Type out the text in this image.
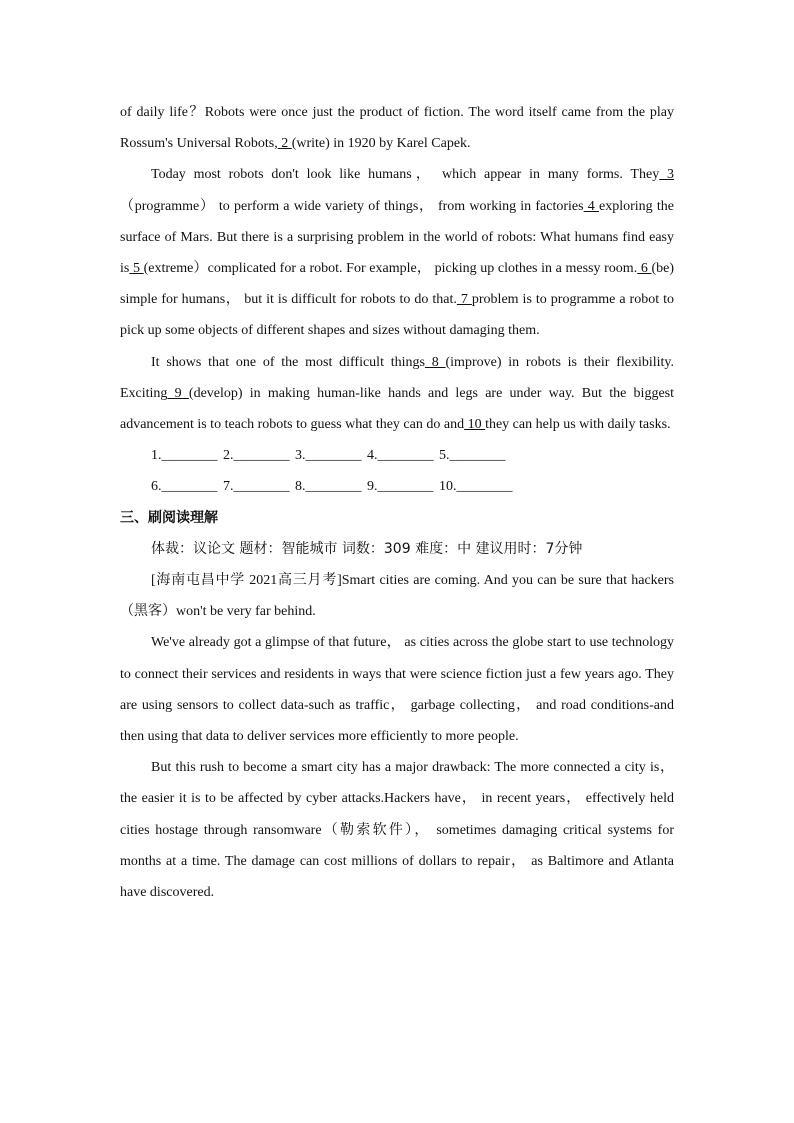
of daily life？Robots were once just the product of fiction. The word itself came from the play Rossum's Universal Robots, 2 (write) in 1920 by Karel Capek.

Today most robots don't look like humans， which appear in many forms. They 3 （programme） to perform a wide variety of things， from working in factories 4 exploring the surface of Mars. But there is a surprising problem in the world of robots: What humans find easy is 5 (extreme）complicated for a robot. For example， picking up clothes in a messy room. 6 (be) simple for humans， but it is difficult for robots to do that. 7 problem is to programme a robot to pick up some objects of different shapes and sizes without damaging them.

It shows that one of the most difficult things 8 (improve) in robots is their flexibility. Exciting 9 (develop) in making human-like hands and legs are under way. But the biggest advancement is to teach robots to guess what they can do and 10 they can help us with daily tasks.

1.________ 2.________ 3.________ 4.________ 5.________

6.________ 7.________ 8.________ 9.________ 10.________

三、刷阅读理解

体裁：议论文 题材：智能城市 词数：309 难度：中 建议用时：7分钟

[海南屯昌中学 2021高三月考]Smart cities are coming. And you can be sure that hackers（黑客）won't be very far behind.

We've already got a glimpse of that future， as cities across the globe start to use technology to connect their services and residents in ways that were science fiction just a few years ago. They are using sensors to collect data-such as traffic， garbage collecting， and road conditions-and then using that data to deliver services more efficiently to more people.

But this rush to become a smart city has a major drawback: The more connected a city is， the easier it is to be affected by cyber attacks.Hackers have， in recent years， effectively held cities hostage through ransomware（勒索软件）， sometimes damaging critical systems for months at a time. The damage can cost millions of dollars to repair， as Baltimore and Atlanta have discovered.
